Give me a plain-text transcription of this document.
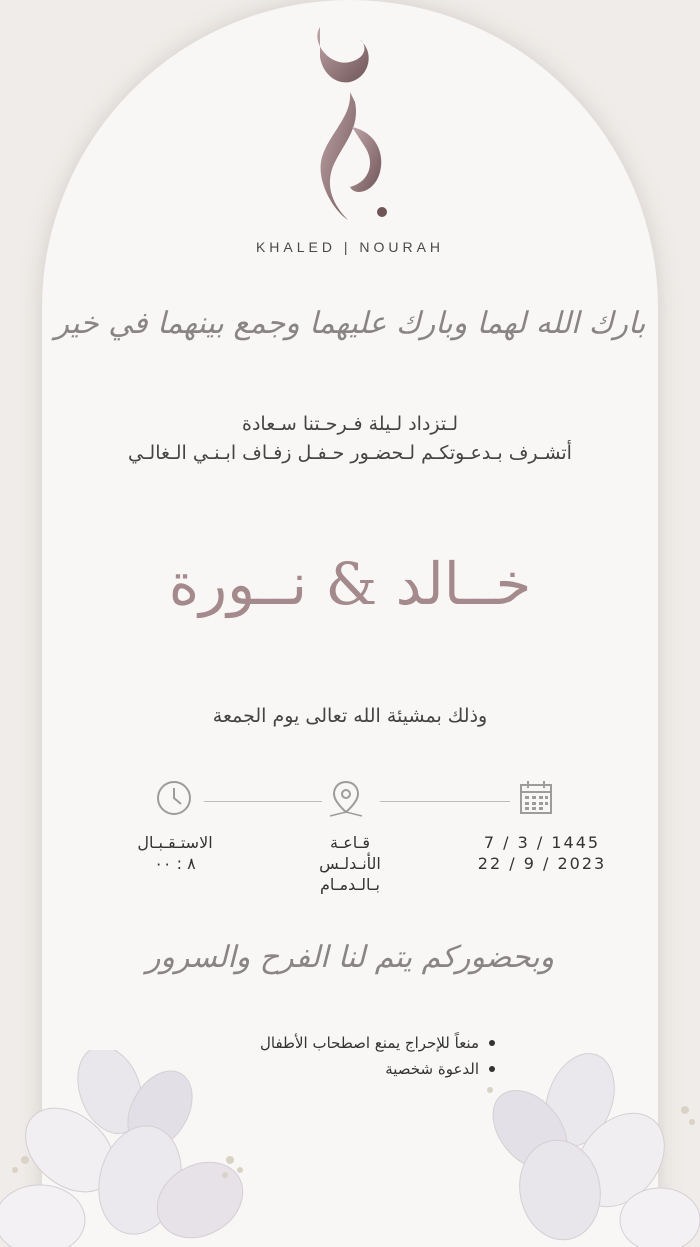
KHALED | NOURAH
بارك الله لهما وبارك عليهما وجمع بينهما في خير
لـتزداد لـيلة فـرحـتنا سـعادة
أتشـرف بـدعـوتكـم لـحضـور حـفـل زفـاف ابـنـي الـغالـي
خــالد & نــورة
وذلك بمشيئة الله تعالى يوم الجمعة
الاستـقـبـال
٨ : ٠٠
قـاعـة
الأنـدلـس
بـالـدمـام
7 / 3 / 1445
22 / 9 / 2023
وبحضوركم يتم لنا الفرح والسرور
منعاً للإحراج يمنع اصطحاب الأطفال
الدعوة شخصية
